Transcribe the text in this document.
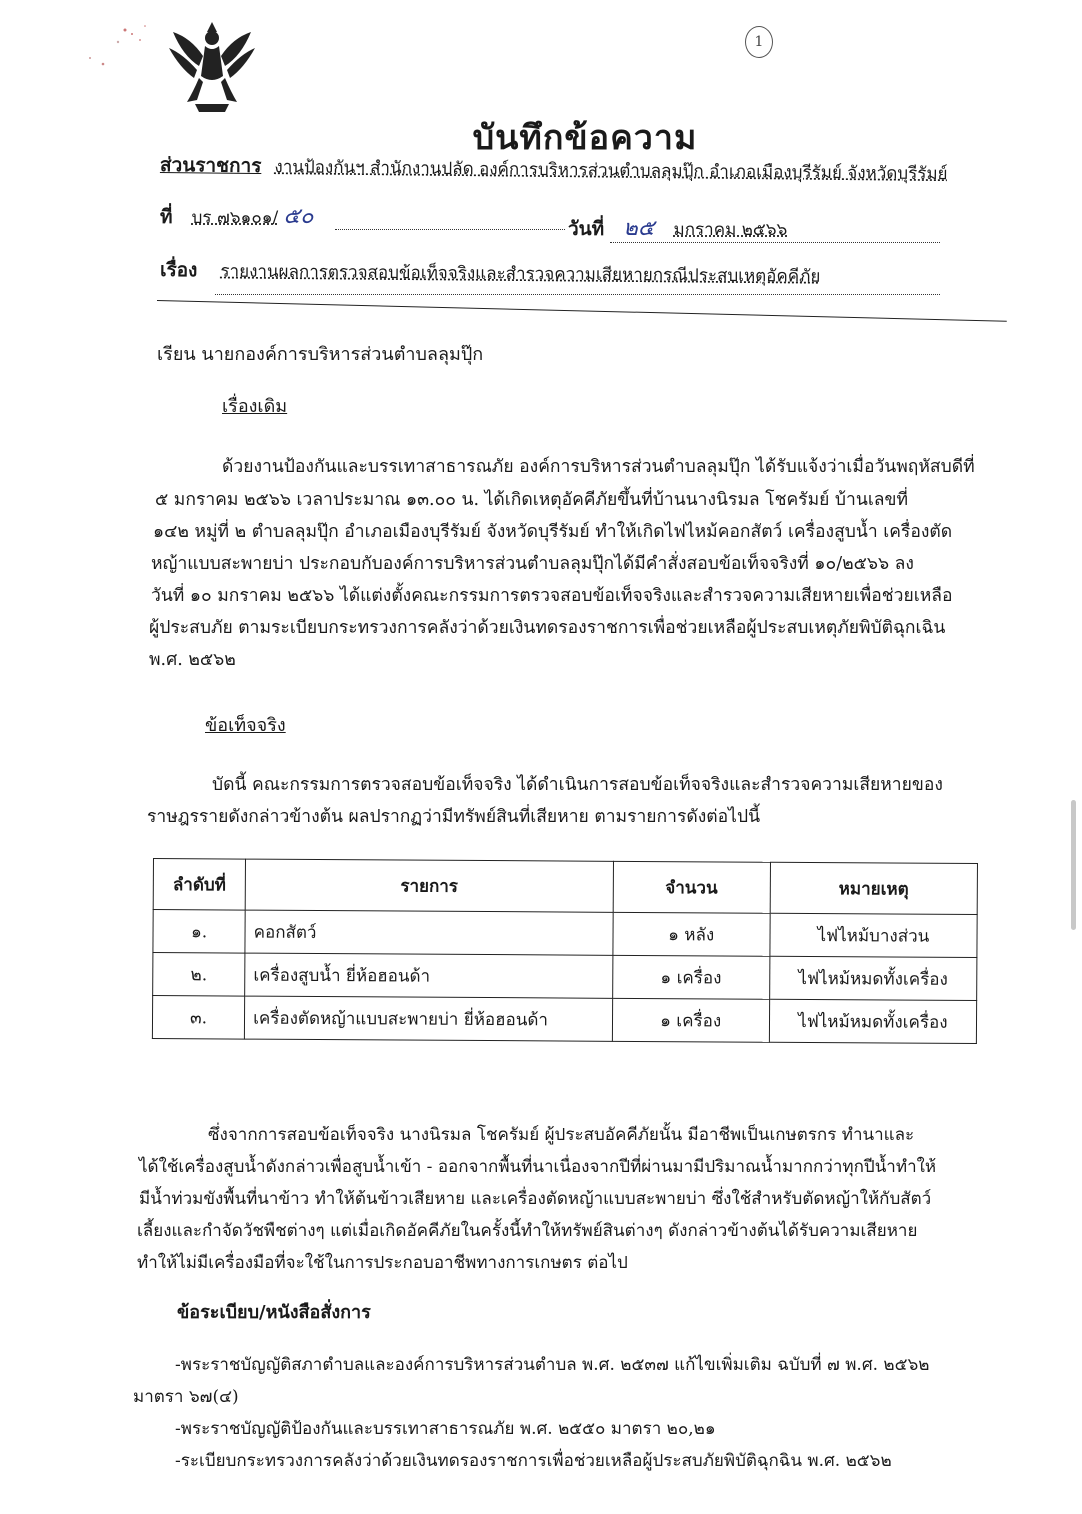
1
บันทึกข้อความ
ส่วนราชการ งานป้องกันฯ สำนักงานปลัด องค์การบริหารส่วนตำบลลุมปุ๊ก อำเภอเมืองบุรีรัมย์ จังหวัดบุรีรัมย์
ที่ บร ๗๖๑๐๑/ ๕๐	วันที่ ๒๕ มกราคม ๒๕๖๖
เรื่อง รายงานผลการตรวจสอบข้อเท็จจริงและสำรวจความเสียหายกรณีประสบเหตุอัคคีภัย
เรียน นายกองค์การบริหารส่วนตำบลลุมปุ๊ก
เรื่องเดิม
ด้วยงานป้องกันและบรรเทาสาธารณภัย องค์การบริหารส่วนตำบลลุมปุ๊ก ได้รับแจ้งว่าเมื่อวันพฤหัสบดีที่
๕ มกราคม ๒๕๖๖ เวลาประมาณ ๑๓.๐๐ น. ได้เกิดเหตุอัคคีภัยขึ้นที่บ้านนางนิรมล โชครัมย์ บ้านเลขที่
๑๔๒ หมู่ที่ ๒ ตำบลลุมปุ๊ก อำเภอเมืองบุรีรัมย์ จังหวัดบุรีรัมย์ ทำให้เกิดไฟไหม้คอกสัตว์ เครื่องสูบน้ำ เครื่องตัด
หญ้าแบบสะพายบ่า ประกอบกับองค์การบริหารส่วนตำบลลุมปุ๊กได้มีคำสั่งสอบข้อเท็จจริงที่ ๑๐/๒๕๖๖ ลง
วันที่ ๑๐ มกราคม ๒๕๖๖ ได้แต่งตั้งคณะกรรมการตรวจสอบข้อเท็จจริงและสำรวจความเสียหายเพื่อช่วยเหลือ
ผู้ประสบภัย ตามระเบียบกระทรวงการคลังว่าด้วยเงินทดรองราชการเพื่อช่วยเหลือผู้ประสบเหตุภัยพิบัติฉุกเฉิน
พ.ศ. ๒๕๖๒
ข้อเท็จจริง
บัดนี้ คณะกรรมการตรวจสอบข้อเท็จจริง ได้ดำเนินการสอบข้อเท็จจริงและสำรวจความเสียหายของ
ราษฎรรายดังกล่าวข้างต้น ผลปรากฏว่ามีทรัพย์สินที่เสียหาย ตามรายการดังต่อไปนี้
ลำดับที่	รายการ	จำนวน	หมายเหตุ
๑.	คอกสัตว์	๑ หลัง	ไฟไหม้บางส่วน
๒.	เครื่องสูบน้ำ ยี่ห้อฮอนด้า	๑ เครื่อง	ไฟไหม้หมดทั้งเครื่อง
๓.	เครื่องตัดหญ้าแบบสะพายบ่า ยี่ห้อฮอนด้า	๑ เครื่อง	ไฟไหม้หมดทั้งเครื่อง
ซึ่งจากการสอบข้อเท็จจริง นางนิรมล โชครัมย์ ผู้ประสบอัคคีภัยนั้น มีอาชีพเป็นเกษตรกร ทำนาและ
ได้ใช้เครื่องสูบน้ำดังกล่าวเพื่อสูบน้ำเข้า - ออกจากพื้นที่นาเนื่องจากปีที่ผ่านมามีปริมาณน้ำมากกว่าทุกปีน้ำทำให้
มีน้ำท่วมขังพื้นที่นาข้าว ทำให้ต้นข้าวเสียหาย และเครื่องตัดหญ้าแบบสะพายบ่า ซึ่งใช้สำหรับตัดหญ้าให้กับสัตว์
เลี้ยงและกำจัดวัชพืชต่างๆ แต่เมื่อเกิดอัคคีภัยในครั้งนี้ทำให้ทรัพย์สินต่างๆ ดังกล่าวข้างต้นได้รับความเสียหาย
ทำให้ไม่มีเครื่องมือที่จะใช้ในการประกอบอาชีพทางการเกษตร ต่อไป
ข้อระเบียบ/หนังสือสั่งการ
-พระราชบัญญัติสภาตำบลและองค์การบริหารส่วนตำบล พ.ศ. ๒๕๓๗ แก้ไขเพิ่มเติม ฉบับที่ ๗ พ.ศ. ๒๕๖๒
มาตรา ๖๗(๔)
-พระราชบัญญัติป้องกันและบรรเทาสาธารณภัย พ.ศ. ๒๕๕๐ มาตรา ๒๐,๒๑
-ระเบียบกระทรวงการคลังว่าด้วยเงินทดรองราชการเพื่อช่วยเหลือผู้ประสบภัยพิบัติฉุกฉิน พ.ศ. ๒๕๖๒
